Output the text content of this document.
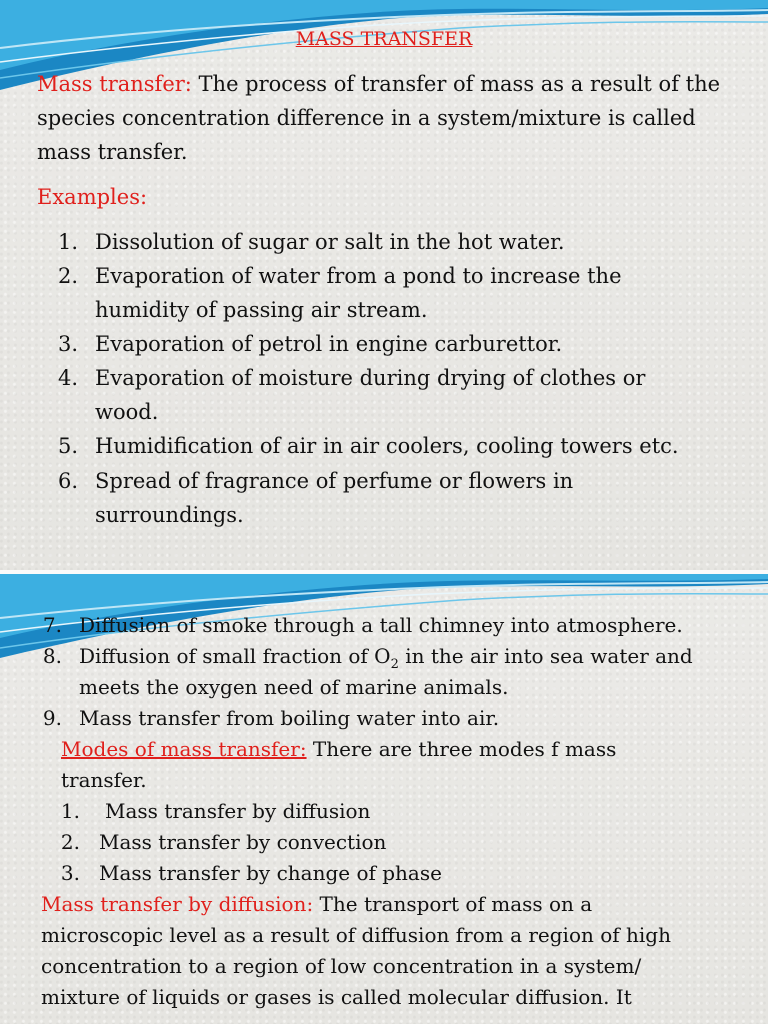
MASS TRANSFER
Mass transfer: The process of transfer of mass as a result of the
species concentration difference in a system/mixture is called
mass transfer.
Examples:
1. Dissolution of sugar or salt in the hot water.
2. Evaporation of water from a pond to increase the
humidity of passing air stream.
3. Evaporation of petrol in engine carburettor.
4. Evaporation of moisture during drying of clothes or
wood.
5. Humidification of air in air coolers, cooling towers etc.
6. Spread of fragrance of perfume or flowers in
surroundings.
7. Diffusion of smoke through a tall chimney into atmosphere.
8. Diffusion of small fraction of $O_2$ in the air into sea water and
meets the oxygen need of marine animals.
9. Mass transfer from boiling water into air.
Modes of mass transfer: There are three modes f mass
transfer.
1. Mass transfer by diffusion
2. Mass transfer by convection
3. Mass transfer by change of phase
Mass transfer by diffusion: The transport of mass on a
microscopic level as a result of diffusion from a region of high
concentration to a region of low concentration in a system/
mixture of liquids or gases is called molecular diffusion. It
